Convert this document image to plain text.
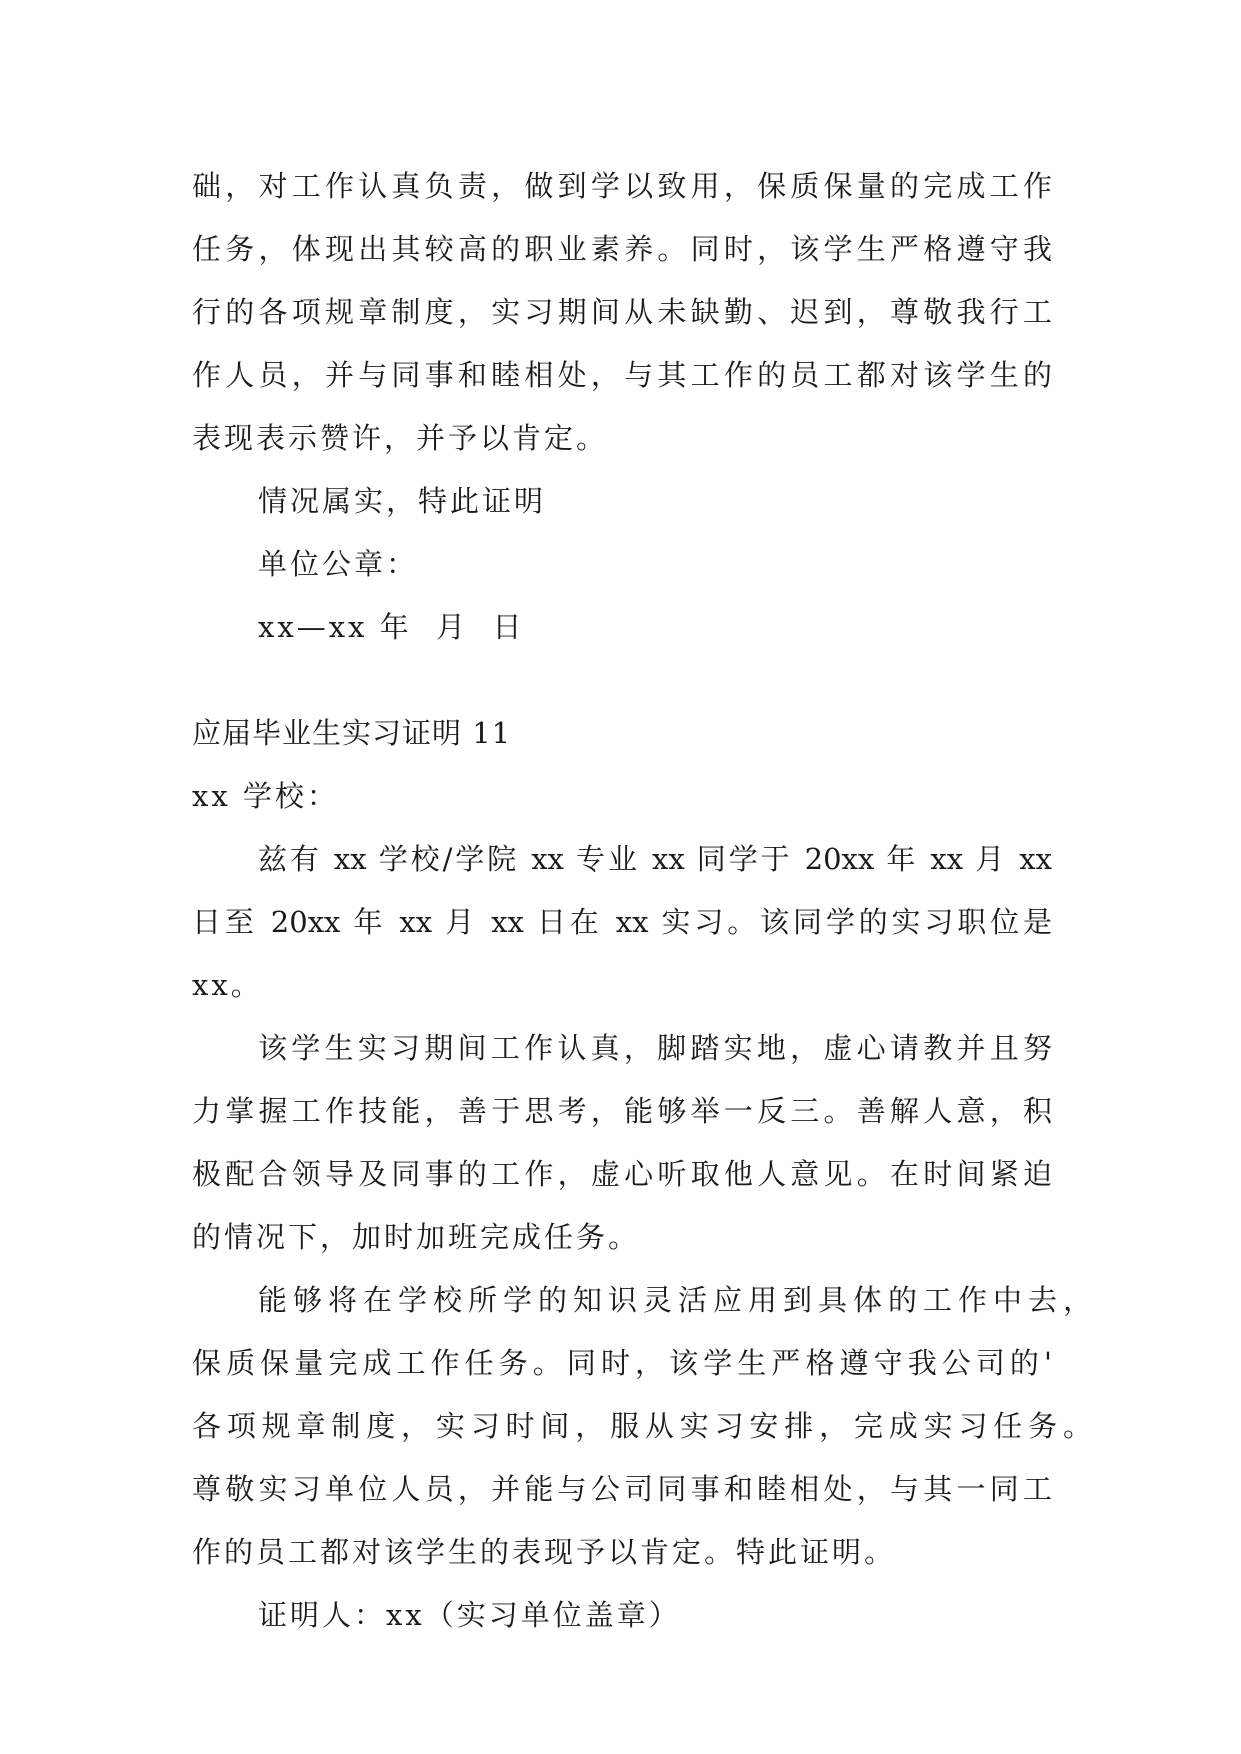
础，对工作认真负责，做到学以致用，保质保量的完成工作
任务，体现出其较高的职业素养。同时，该学生严格遵守我
行的各项规章制度，实习期间从未缺勤、迟到，尊敬我行工
作人员，并与同事和睦相处，与其工作的员工都对该学生的
表现表示赞许，并予以肯定。
情况属实，特此证明
单位公章：
xx—xx 年  月  日
应届毕业生实习证明 11
xx 学校：
兹有 xx 学校/学院 xx 专业 xx 同学于 20xx 年 xx 月 xx
日至 20xx 年 xx 月 xx 日在 xx 实习。该同学的实习职位是
xx。
该学生实习期间工作认真，脚踏实地，虚心请教并且努
力掌握工作技能，善于思考，能够举一反三。善解人意，积
极配合领导及同事的工作，虚心听取他人意见。在时间紧迫
的情况下，加时加班完成任务。
能够将在学校所学的知识灵活应用到具体的工作中去，
保质保量完成工作任务。同时，该学生严格遵守我公司的'
各项规章制度，实习时间，服从实习安排，完成实习任务。
尊敬实习单位人员，并能与公司同事和睦相处，与其一同工
作的员工都对该学生的表现予以肯定。特此证明。
证明人：xx（实习单位盖章）
